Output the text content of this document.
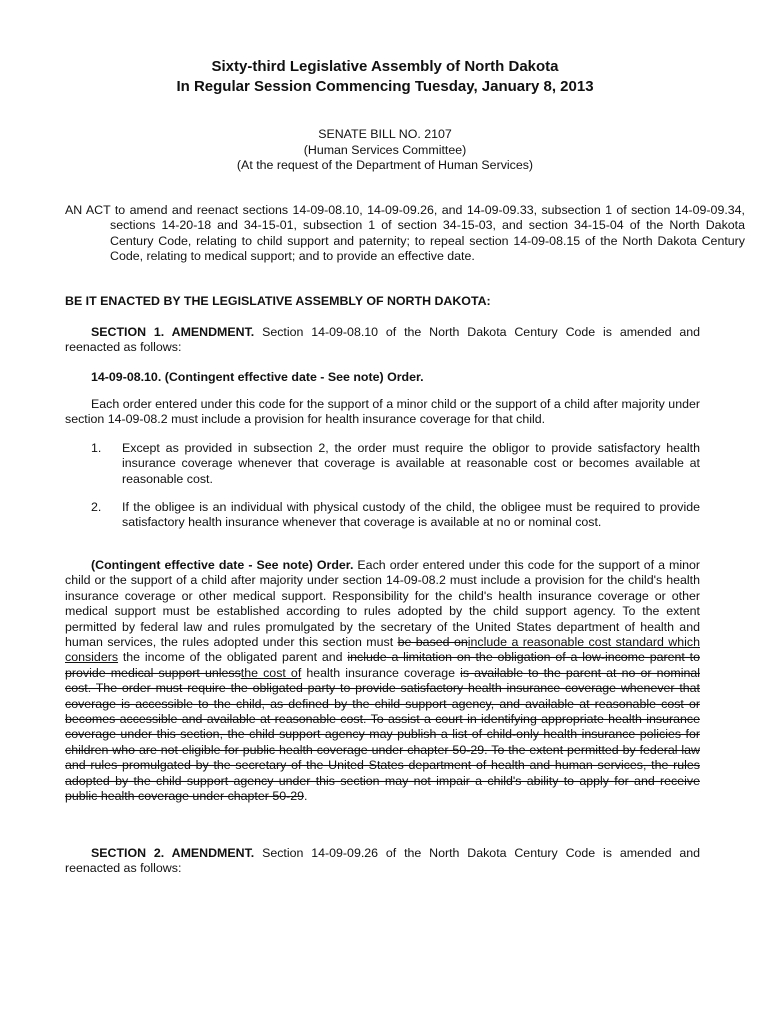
Sixty-third Legislative Assembly of North Dakota
In Regular Session Commencing Tuesday, January 8, 2013
SENATE BILL NO. 2107
(Human Services Committee)
(At the request of the Department of Human Services)
AN ACT to amend and reenact sections 14-09-08.10, 14-09-09.26, and 14-09-09.33, subsection 1 of section 14-09-09.34, sections 14-20-18 and 34-15-01, subsection 1 of section 34-15-03, and section 34-15-04 of the North Dakota Century Code, relating to child support and paternity; to repeal section 14-09-08.15 of the North Dakota Century Code, relating to medical support; and to provide an effective date.
BE IT ENACTED BY THE LEGISLATIVE ASSEMBLY OF NORTH DAKOTA:
SECTION 1. AMENDMENT. Section 14-09-08.10 of the North Dakota Century Code is amended and reenacted as follows:
14-09-08.10. (Contingent effective date - See note) Order.
Each order entered under this code for the support of a minor child or the support of a child after majority under section 14-09-08.2 must include a provision for health insurance coverage for that child.
1.	Except as provided in subsection 2, the order must require the obligor to provide satisfactory health insurance coverage whenever that coverage is available at reasonable cost or becomes available at reasonable cost.
2.	If the obligee is an individual with physical custody of the child, the obligee must be required to provide satisfactory health insurance whenever that coverage is available at no or nominal cost.
(Contingent effective date - See note) Order. Each order entered under this code for the support of a minor child or the support of a child after majority under section 14-09-08.2 must include a provision for the child's health insurance coverage or other medical support. Responsibility for the child's health insurance coverage or other medical support must be established according to rules adopted by the child support agency. To the extent permitted by federal law and rules promulgated by the secretary of the United States department of health and human services, the rules adopted under this section must be based oninclude a reasonable cost standard which considers the income of the obligated parent and include a limitation on the obligation of a low-income parent to provide medical support unlessthe cost of health insurance coverage is available to the parent at no or nominal cost. The order must require the obligated party to provide satisfactory health insurance coverage whenever that coverage is accessible to the child, as defined by the child support agency, and available at reasonable cost or becomes accessible and available at reasonable cost. To assist a court in identifying appropriate health insurance coverage under this section, the child support agency may publish a list of child-only health insurance policies for children who are not eligible for public health coverage under chapter 50-29. To the extent permitted by federal law and rules promulgated by the secretary of the United States department of health and human services, the rules adopted by the child support agency under this section may not impair a child's ability to apply for and receive public health coverage under chapter 50-29.
SECTION 2. AMENDMENT. Section 14-09-09.26 of the North Dakota Century Code is amended and reenacted as follows:
